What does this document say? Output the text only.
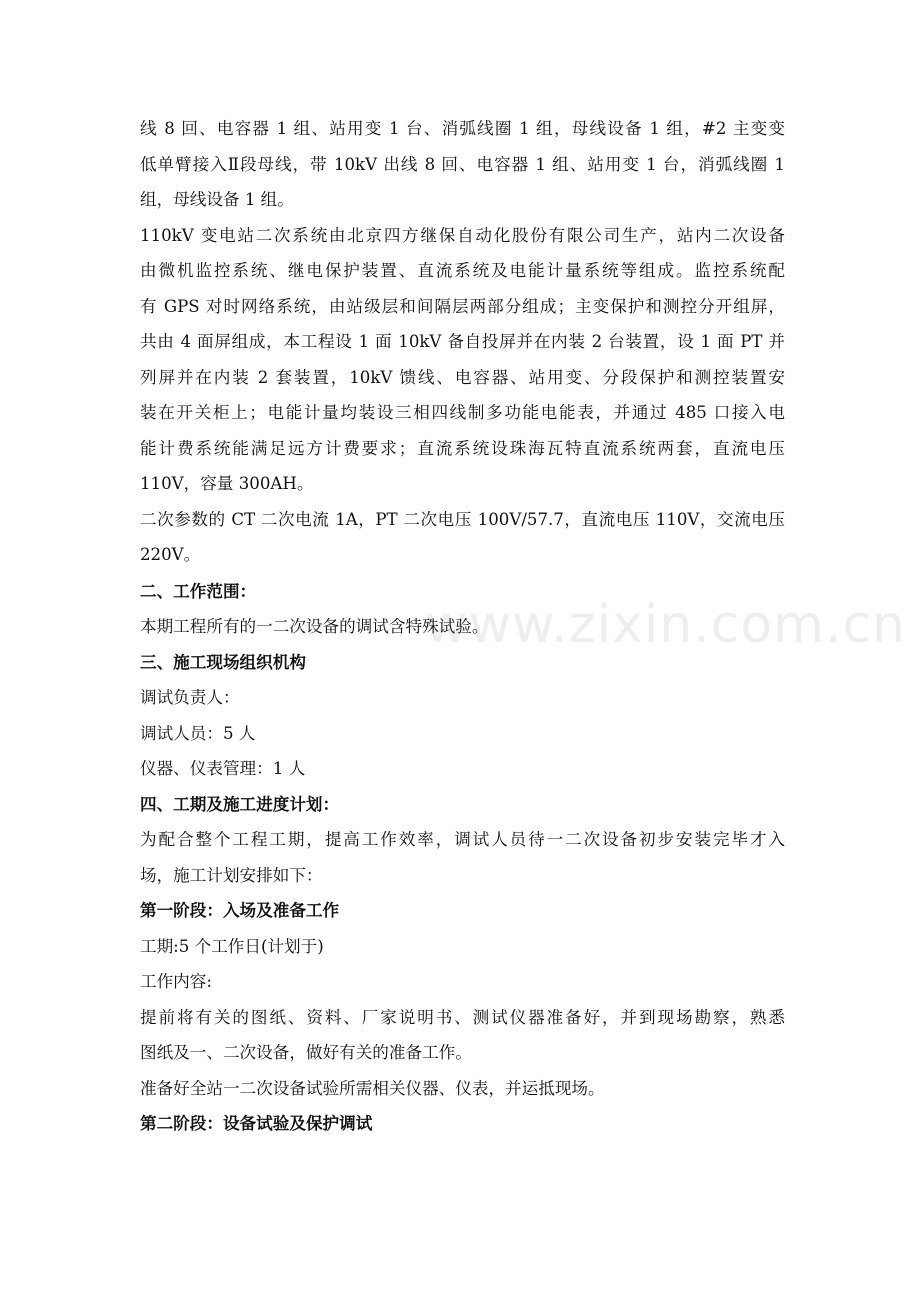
www.zixin.com.cn
线 8 回、电容器 1 组、站用变 1 台、消弧线圈 1 组，母线设备 1 组，#2 主变变
低单臂接入Ⅱ段母线，带 10kV 出线 8 回、电容器 1 组、站用变 1 台，消弧线圈 1
组，母线设备 1 组。
110kV 变电站二次系统由北京四方继保自动化股份有限公司生产，站内二次设备
由微机监控系统、继电保护装置、直流系统及电能计量系统等组成。监控系统配
有 GPS 对时网络系统，由站级层和间隔层两部分组成；主变保护和测控分开组屏，
共由 4 面屏组成，本工程设 1 面 10kV 备自投屏并在内装 2 台装置，设 1 面 PT 并
列屏并在内装 2 套装置，10kV 馈线、电容器、站用变、分段保护和测控装置安
装在开关柜上；电能计量均装设三相四线制多功能电能表，并通过 485 口接入电
能计费系统能满足远方计费要求；直流系统设珠海瓦特直流系统两套，直流电压
110V，容量 300AH。
二次参数的 CT 二次电流 1A，PT 二次电压 100V/57.7，直流电压 110V，交流电压
220V。
二、工作范围：
本期工程所有的一二次设备的调试含特殊试验。
三、施工现场组织机构
调试负责人：
调试人员：5 人
仪器、仪表管理：1 人
四、工期及施工进度计划：
为配合整个工程工期，提高工作效率，调试人员待一二次设备初步安装完毕才入
场，施工计划安排如下：
第一阶段：入场及准备工作
工期:5 个工作日(计划于)
工作内容:
提前将有关的图纸、资料、厂家说明书、测试仪器准备好，并到现场勘察，熟悉
图纸及一、二次设备，做好有关的准备工作。
准备好全站一二次设备试验所需相关仪器、仪表，并运抵现场。
第二阶段：设备试验及保护调试
